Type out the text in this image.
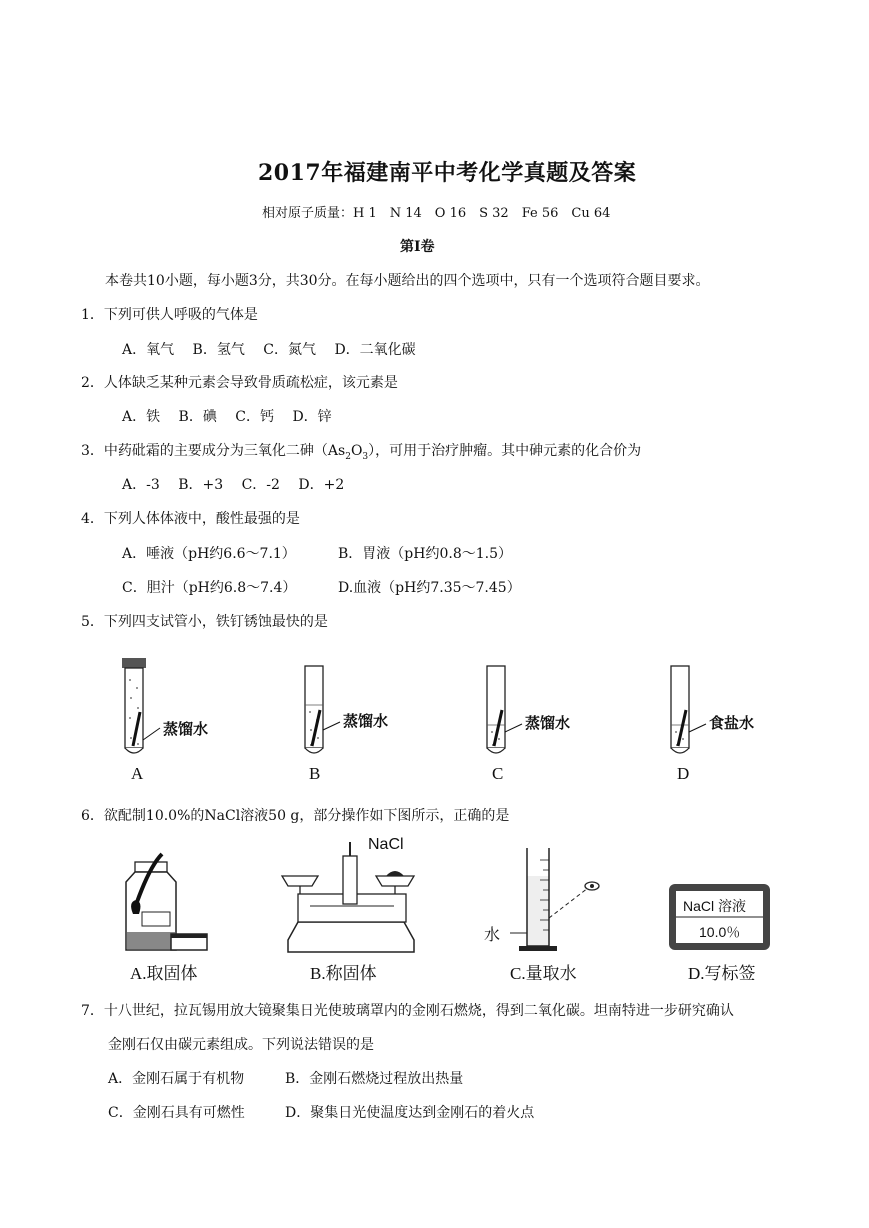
2017年福建南平中考化学真题及答案
相对原子质量：H 1　N 14　O 16　S 32　Fe 56　Cu 64
第Ⅰ卷
本卷共10小题，每小题3分，共30分。在每小题给出的四个选项中，只有一个选项符合题目要求。
1．下列可供人呼吸的气体是
A．氧气　 B．氢气　 C．氮气　 D．二氧化碳
2．人体缺乏某种元素会导致骨质疏松症，该元素是
A．铁　 B．碘　 C．钙　 D．锌
3．中药砒霜的主要成分为三氧化二砷$(As_2O_3)$，可用于治疗肿瘤。其中砷元素的化合价为
A．-3　 B．+3　 C．-2　 D．+2
4．下列人体体液中，酸性最强的是
A．唾液（pH约6.6～7.1）	B．胃液（pH约0.8～1.5）
C．胆汁（pH约6.8～7.4）	D.血液（pH约7.35～7.45）
5．下列四支试管小，铁钉锈蚀最快的是
蒸馏水	蒸馏水	蒸馏水	食盐水
A	B	C	D
6．欲配制10.0%的NaCl溶液50 g，部分操作如下图所示，正确的是
NaCl
水
NaCl 溶液
10.0％
A.取固体	B.称固体	C.量取水	D.写标签
7．十八世纪，拉瓦锡用放大镜聚集日光使玻璃罩内的金刚石燃烧，得到二氧化碳。坦南特进一步研究确认
金刚石仅由碳元素组成。下列说法错误的是
A．金刚石属于有机物	B．金刚石燃烧过程放出热量
C．金刚石具有可燃性	D．聚集日光使温度达到金刚石的着火点
